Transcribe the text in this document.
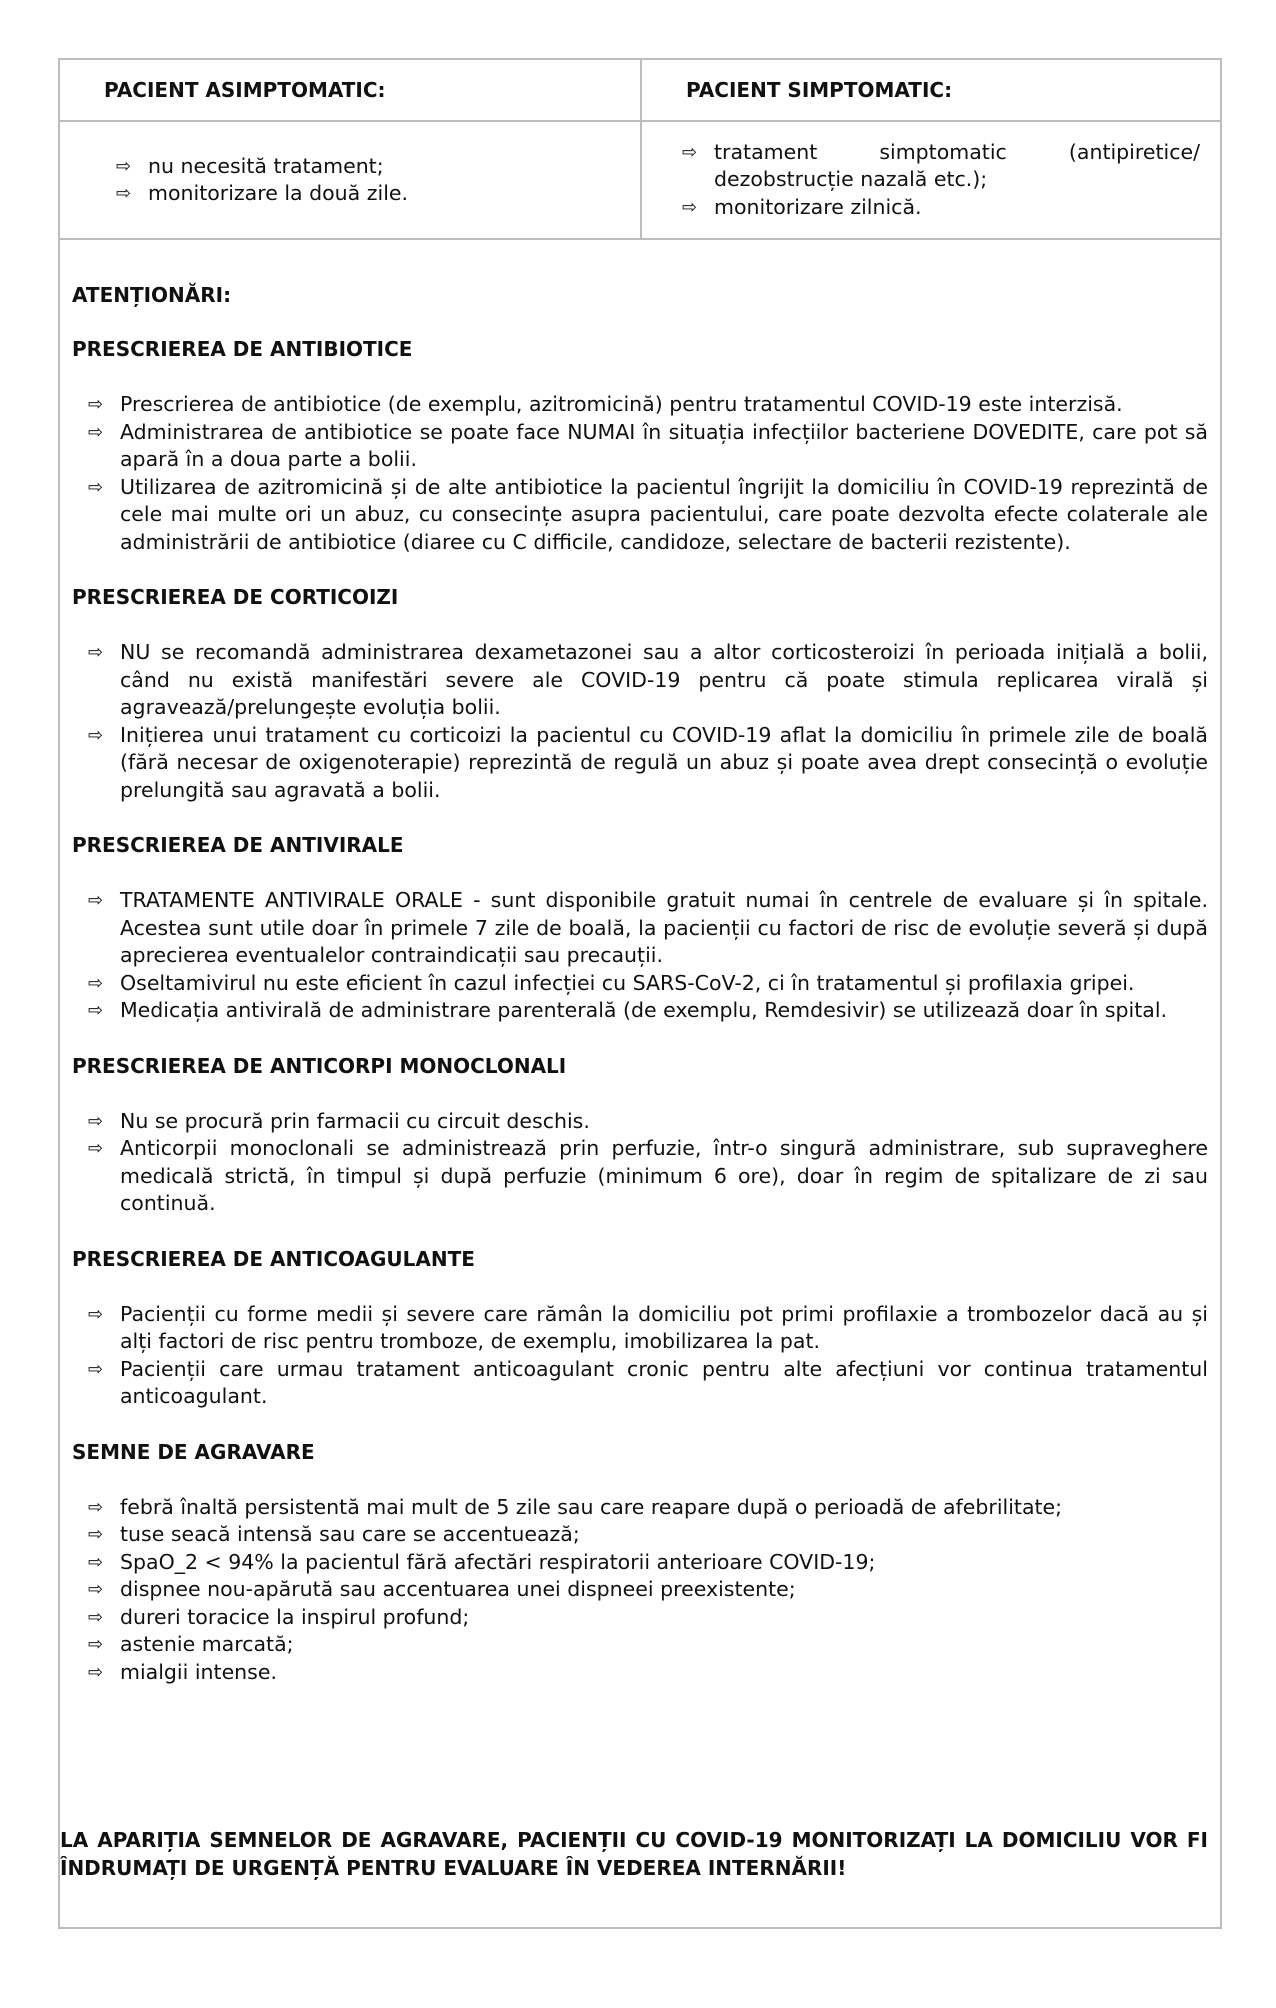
PACIENT ASIMPTOMATIC:	PACIENT SIMPTOMATIC:
⇨ nu necesită tratament;
⇨ monitorizare la două zile.
⇨ tratament simptomatic (antipiretice/ dezobstrucție nazală etc.);
⇨ monitorizare zilnică.
ATENȚIONĂRI:
PRESCRIEREA DE ANTIBIOTICE
⇨ Prescrierea de antibiotice (de exemplu, azitromicină) pentru tratamentul COVID-19 este interzisă.
⇨ Administrarea de antibiotice se poate face NUMAI în situația infecțiilor bacteriene DOVEDITE, care pot să apară în a doua parte a bolii.
⇨ Utilizarea de azitromicină și de alte antibiotice la pacientul îngrijit la domiciliu în COVID-19 reprezintă de cele mai multe ori un abuz, cu consecințe asupra pacientului, care poate dezvolta efecte colaterale ale administrării de antibiotice (diaree cu C difficile, candidoze, selectare de bacterii rezistente).
PRESCRIEREA DE CORTICOIZI
⇨ NU se recomandă administrarea dexametazonei sau a altor corticosteroizi în perioada inițială a bolii, când nu există manifestări severe ale COVID-19 pentru că poate stimula replicarea virală și agravează/prelungește evoluția bolii.
⇨ Inițierea unui tratament cu corticoizi la pacientul cu COVID-19 aflat la domiciliu în primele zile de boală (fără necesar de oxigenoterapie) reprezintă de regulă un abuz și poate avea drept consecință o evoluție prelungită sau agravată a bolii.
PRESCRIEREA DE ANTIVIRALE
⇨ TRATAMENTE ANTIVIRALE ORALE - sunt disponibile gratuit numai în centrele de evaluare și în spitale. Acestea sunt utile doar în primele 7 zile de boală, la pacienții cu factori de risc de evoluție severă și după aprecierea eventualelor contraindicații sau precauții.
⇨ Oseltamivirul nu este eficient în cazul infecției cu SARS-CoV-2, ci în tratamentul și profilaxia gripei.
⇨ Medicația antivirală de administrare parenterală (de exemplu, Remdesivir) se utilizează doar în spital.
PRESCRIEREA DE ANTICORPI MONOCLONALI
⇨ Nu se procură prin farmacii cu circuit deschis.
⇨ Anticorpii monoclonali se administrează prin perfuzie, într-o singură administrare, sub supraveghere medicală strictă, în timpul și după perfuzie (minimum 6 ore), doar în regim de spitalizare de zi sau continuă.
PRESCRIEREA DE ANTICOAGULANTE
⇨ Pacienții cu forme medii și severe care rămân la domiciliu pot primi profilaxie a trombozelor dacă au și alți factori de risc pentru tromboze, de exemplu, imobilizarea la pat.
⇨ Pacienții care urmau tratament anticoagulant cronic pentru alte afecțiuni vor continua tratamentul anticoagulant.
SEMNE DE AGRAVARE
⇨ febră înaltă persistentă mai mult de 5 zile sau care reapare după o perioadă de afebrilitate;
⇨ tuse seacă intensă sau care se accentuează;
⇨ SpaO_2 < 94% la pacientul fără afectări respiratorii anterioare COVID-19;
⇨ dispnee nou-apărută sau accentuarea unei dispneei preexistente;
⇨ dureri toracice la inspirul profund;
⇨ astenie marcată;
⇨ mialgii intense.
LA APARIȚIA SEMNELOR DE AGRAVARE, PACIENȚII CU COVID-19 MONITORIZAȚI LA DOMICILIU VOR FI ÎNDRUMAȚI DE URGENȚĂ PENTRU EVALUARE ÎN VEDEREA INTERNĂRII!
